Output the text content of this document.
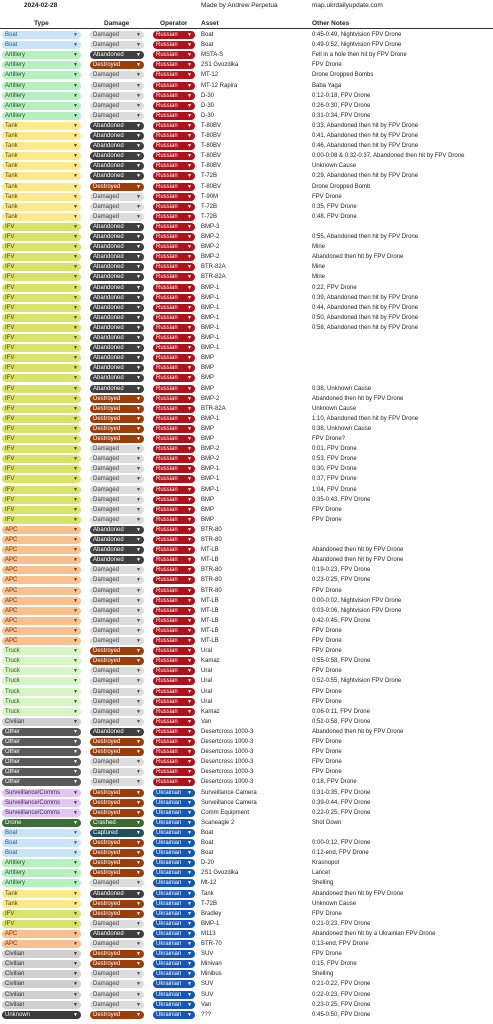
2024-02-28	Made by Andrew Perpetua	map.ukrdailyupdate.com
Type	Damage	Operator Asset	Other Notes
Boat	▼	Damaged	▼	Russian ▼ Boat	0:45-0:49, Nightvision FPV Drone
Boat	▼	Damaged	▼	Russian ▼ Boat	0:49-0:52, Nightvision FPV Drone
Artillery	▼	Abandoned ▼	Russian ▼ MSTA-S	Fell in a hole then hit by FPV Drone
Artillery	▼	Destroyed	▼	Russian ▼ 2S1 Gvozdika	FPV Drone
Artillery	▼	Damaged	▼	Russian ▼ MT-12	Drone Dropped Bombs
Artillery	▼	Damaged	▼	Russian ▼ MT-12 Rapira	Baba Yaga
Artillery	▼	Damaged	▼	Russian ▼ D-30	0:12-0:18, FPV Drone
Artillery	▼	Damaged	▼	Russian ▼ D-30	0:26-0:30, FPV Drone
Artillery	▼	Damaged	▼	Russian ▼ D-30	0:31-0:34, FPV Drone
Tank	▼	Abandoned ▼	Russian ▼ T-80BV	0:33, Abandoned then hit by FPV Drone
Tank	▼	Abandoned ▼	Russian ▼ T-80BV	0:41, Abandoned then hit by FPV Drone
Tank	▼	Abandoned ▼	Russian ▼ T-80BV	0:46, Abandoned then hit by FPV Drone
Tank	▼	Abandoned ▼	Russian ▼ T-80BV	0:00-0:08 & 0:32-0:37, Abandoned then hit by FPV Drone
Tank	▼	Abandoned ▼	Russian ▼ T-80BV	Unknown Cause
Tank	▼	Abandoned ▼	Russian ▼ T-72B	0:29, Abandoned then hit by FPV Drone
Tank	▼	Destroyed	▼	Russian ▼ T-80BV	Drone Dropped Bomb
Tank	▼	Damaged	▼	Russian ▼ T-90M	FPV Drone
Tank	▼	Damaged	▼	Russian ▼ T-72B	0:35, FPV Drone
Tank	▼	Damaged	▼	Russian ▼ T-72B	0:48, FPV Drone
IFV	▼	Abandoned ▼	Russian ▼ BMP-3
IFV	▼	Abandoned ▼	Russian ▼ BMP-2	0:55, Abandoned then hit by FPV Drone
IFV	▼	Abandoned ▼	Russian ▼ BMP-2	Mine
IFV	▼	Abandoned ▼	Russian ▼ BMP-2	Abandoned then hit by FPV Drone
IFV	▼	Abandoned ▼	Russian ▼ BTR-82A	Mine
IFV	▼	Abandoned ▼	Russian ▼ BTR-82A	Mine
IFV	▼	Abandoned ▼	Russian ▼ BMP-1	0:22, FPV Drone
IFV	▼	Abandoned ▼	Russian ▼ BMP-1	0:39, Abandoned then hit by FPV Drone
IFV	▼	Abandoned ▼	Russian ▼ BMP-1	0:44, Abandoned then hit by FPV Drone
IFV	▼	Abandoned ▼	Russian ▼ BMP-1	0:50, Abandoned then hit by FPV Drone
IFV	▼	Abandoned ▼	Russian ▼ BMP-1	0:58, Abandoned then hit by FPV Drone
IFV	▼	Abandoned ▼	Russian ▼ BMP-1
IFV	▼	Abandoned ▼	Russian ▼ BMP-1
IFV	▼	Abandoned ▼	Russian ▼ BMP
IFV	▼	Abandoned ▼	Russian ▼ BMP
IFV	▼	Abandoned ▼	Russian ▼ BMP
IFV	▼	Abandoned ▼	Russian ▼ BMP	0:38, Unknown Cause
IFV	▼	Destroyed	▼	Russian ▼ BMP-2	Abandoned then hit by FPV Drone
IFV	▼	Destroyed	▼	Russian ▼ BTR-82A	Unknown Cause
IFV	▼	Destroyed	▼	Russian ▼ BMP-1	1:10, Abandoned then hit by FPV Drone
IFV	▼	Destroyed	▼	Russian ▼ BMP	0:38, Unknown Cause
IFV	▼	Destroyed	▼	Russian ▼ BMP	FPV Drone?
IFV	▼	Damaged	▼	Russian ▼ BMP-2	0:01, FPV Drone
IFV	▼	Damaged	▼	Russian ▼ BMP-2	0:53, FPV Drone
IFV	▼	Damaged	▼	Russian ▼ BMP-1	0:30, FPV Drone
IFV	▼	Damaged	▼	Russian ▼ BMP-1	0:37, FPV Drone
IFV	▼	Damaged	▼	Russian ▼ BMP-1	1:04, FPV Drone
IFV	▼	Damaged	▼	Russian ▼ BMP	0:35-0:43, FPV Drone
IFV	▼	Damaged	▼	Russian ▼ BMP	FPV Drone
IFV	▼	Damaged	▼	Russian ▼ BMP	FPV Drone
APC	▼	Abandoned ▼	Russian ▼ BTR-80
APC	▼	Abandoned ▼	Russian ▼ BTR-80
APC	▼	Abandoned ▼	Russian ▼ MT-LB	Abandoned then hit by FPV Drone
APC	▼	Abandoned ▼	Russian ▼ MT-LB	Abandoned then hit by FPV Drone
APC	▼	Damaged	▼	Russian ▼ BTR-80	0:19-0:23, FPV Drone
APC	▼	Damaged	▼	Russian ▼ BTR-80	0:23-0:25, FPV Drone
APC	▼	Damaged	▼	Russian ▼ BTR-80	FPV Drone
APC	▼	Damaged	▼	Russian ▼ MT-LB	0:00-0:02, Nightvision FPV Drone
APC	▼	Damaged	▼	Russian ▼ MT-LB	0:03-0:06, Nightvision FPV Drone
APC	▼	Damaged	▼	Russian ▼ MT-LB	0:42-0:45, FPV Drone
APC	▼	Damaged	▼	Russian ▼ MT-LB	FPV Drone
APC	▼	Damaged	▼	Russian ▼ MT-LB	FPV Drone
Truck	▼	Destroyed	▼	Russian ▼ Ural	FPV Drone
Truck	▼	Destroyed	▼	Russian ▼ Kamaz	0:55-0:58, FPV Drone
Truck	▼	Damaged	▼	Russian ▼ Ural	FPV Drone
Truck	▼	Damaged	▼	Russian ▼ Ural	0:52-0:55, Nightvision FPV Drone
Truck	▼	Damaged	▼	Russian ▼ Ural	FPV Drone
Truck	▼	Damaged	▼	Russian ▼ Ural	FPV Drone
Truck	▼	Damaged	▼	Russian ▼ Kamaz	0:06-0:11, FPV Drone
Civilian	▼	Damaged	▼	Russian ▼ Van	0:52-0:58, FPV Drone
Other	▼	Abandoned ▼	Russian ▼ Desertcross 1000-3	Abandoned then hit by FPV Drone
Other	▼	Destroyed	▼	Russian ▼ Desertcross 1000-3	FPV Drone
Other	▼	Destroyed	▼	Russian ▼ Desertcross 1000-3	FPV Drone
Other	▼	Damaged	▼	Russian ▼ Desertcross 1000-3	FPV Drone
Other	▼	Damaged	▼	Russian ▼ Desertcross 1000-3	FPV Drone
Other	▼	Damaged	▼	Russian ▼ Desertcross 1000-3	0:18, FPV Drone
Surveillance/Comms	▼	Destroyed	▼	Ukrainian ▼ Surveillance Camera	0:31-0:35, FPV Drone
Surveillance/Comms	▼	Destroyed	▼	Ukrainian ▼ Surveillance Camera	0:39-0:44, FPV Drone
Surveillance/Comms	▼	Destroyed	▼	Ukrainian ▼ Comm Equipment	0:22-0:25, FPV Drone
Drone	▼	Crashed	▼	Ukrainian ▼ Scaneagle 2	Shot Down
Boat	▼	Captured	▼	Ukrainian ▼ Boat
Boat	▼	Destroyed	▼	Ukrainian ▼ Boat	0:00-0:12, FPV Drone
Boat	▼	Destroyed	▼	Ukrainian ▼ Boat	0:12-end, FPV Drone
Artillery	▼	Destroyed	▼	Ukrainian ▼ D-20	Krasnopol
Artillery	▼	Destroyed	▼	Ukrainian ▼ 2S1 Gvozdika	Lancet
Artillery	▼	Damaged	▼	Ukrainian ▼ Mt-12	Shelling
Tank	▼	Abandoned ▼	Ukrainian ▼ Tank	Abandoned then hit by FPV Drone
Tank	▼	Destroyed	▼	Ukrainian ▼ T-72B	Unknown Cause
IFV	▼	Destroyed	▼	Ukrainian ▼ Bradley	FPV Drone
IFV	▼	Damaged	▼	Ukrainian ▼ BMP-1	0:21-0:23, FPV Drone
APC	▼	Abandoned ▼	Ukrainian ▼ M113	Abandoned then hit by a Ukrainian FPV Drone
APC	▼	Damaged	▼	Ukrainian ▼ BTR-70	0:13-end, FPV Drone
Civilian	▼	Destroyed	▼	Ukrainian ▼ SUV	FPV Drone
Civilian	▼	Destroyed	▼	Ukrainian ▼ Minivan	0:15, FPV Drone
Civilian	▼	Damaged	▼	Ukrainian ▼ Minibus	Shelling
Civilian	▼	Damaged	▼	Ukrainian ▼ SUV	0:21-0:22, FPV Drone
Civilian	▼	Damaged	▼	Ukrainian ▼ SUV	0:22-0:23, FPV Drone
Civilian	▼	Damaged	▼	Ukrainian ▼ Van	0:23-0:25, FPV Drone
Unknown	▼	Destroyed	▼	Ukrainian ▼ ???	0:45-0:50, FPV Drone
